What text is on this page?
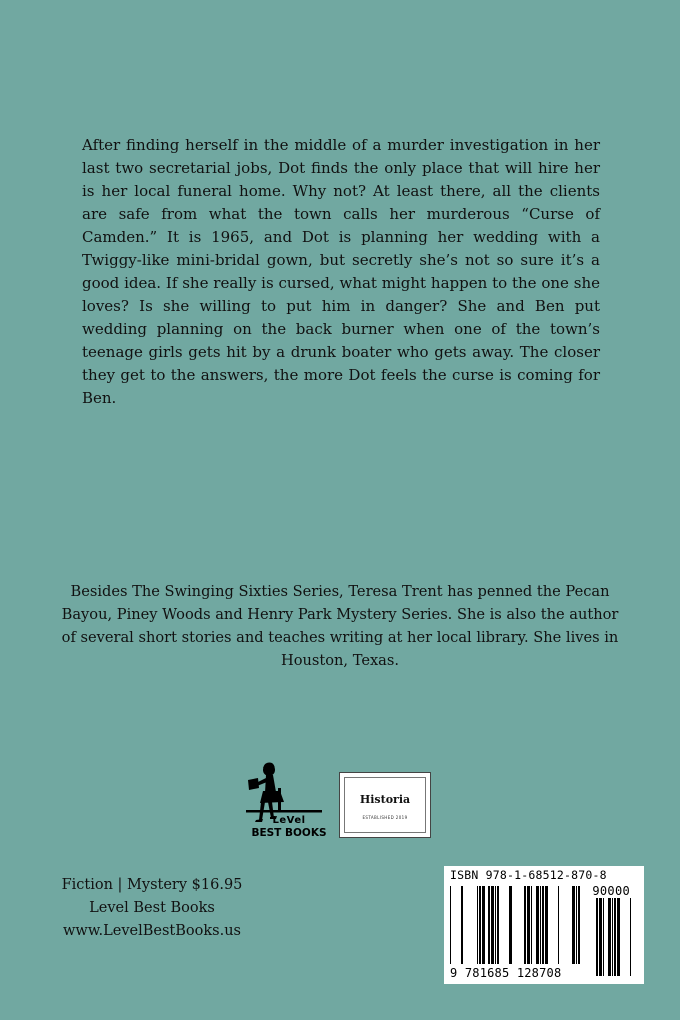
After finding herself in the middle of a murder investigation in her last two secretarial jobs, Dot finds the only place that will hire her is her local funeral home. Why not? At least there, all the clients are safe from what the town calls her murderous “Curse of Camden.” It is 1965, and Dot is planning her wedding with a Twiggy-like mini-bridal gown, but secretly she’s not so sure it’s a good idea. If she really is cursed, what might happen to the one she loves? Is she willing to put him in danger? She and Ben put wedding planning on the back burner when one of the town’s teenage girls gets hit by a drunk boater who gets away. The closer they get to the answers, the more Dot feels the curse is coming for Ben.

Besides The Swinging Sixties Series, Teresa Trent has penned the Pecan Bayou, Piney Woods and Henry Park Mystery Series. She is also the author of several short stories and teaches writing at her local library. She lives in Houston, Texas.

LeVel
BEST BOOKS
Historia
ESTABLISHED 2019
Fiction | Mystery $16.95
Level Best Books
www.LevelBestBooks.us
ISBN 978-1-68512-870-8
90000
9 781685 128708
